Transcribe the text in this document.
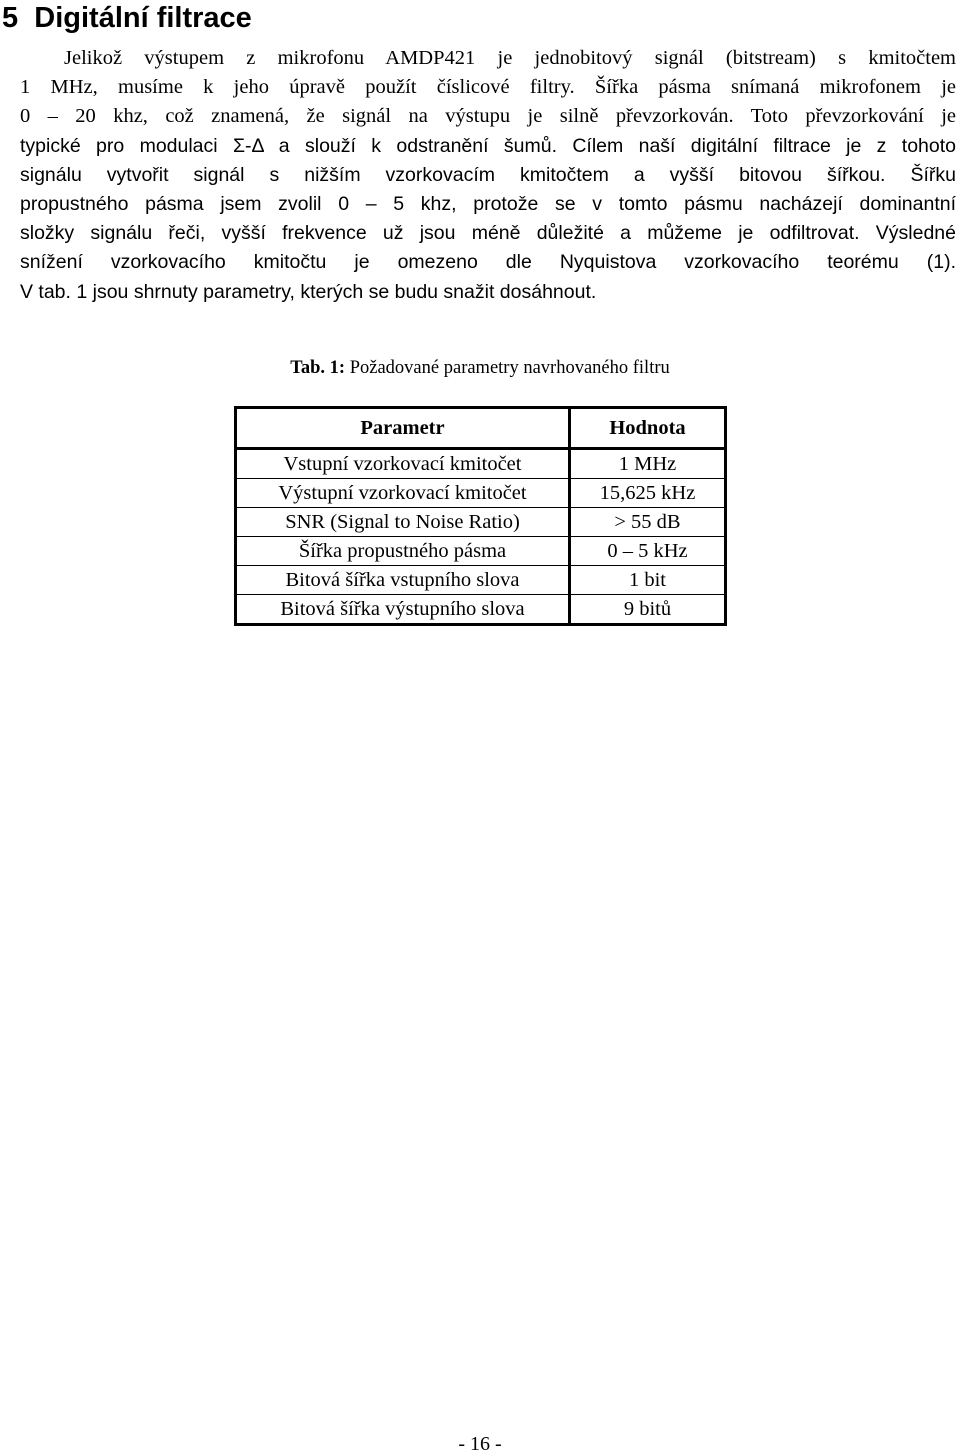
5 Digitální filtrace
Jelikož výstupem z mikrofonu AMDP421 je jednobitový signál (bitstream) s kmitočtem
1 MHz, musíme k jeho úpravě použít číslicové filtry. Šířka pásma snímaná mikrofonem je
0 – 20 khz, což znamená, že signál na výstupu je silně převzorkován. Toto převzorkování je
typické pro modulaci Σ-Δ a slouží k odstranění šumů. Cílem naší digitální filtrace je z tohoto
signálu vytvořit signál s nižším vzorkovacím kmitočtem a vyšší bitovou šířkou. Šířku
propustného pásma jsem zvolil 0 – 5 khz, protože se v tomto pásmu nacházejí dominantní
složky signálu řeči, vyšší frekvence už jsou méně důležité a můžeme je odfiltrovat. Výsledné
snížení vzorkovacího kmitočtu je omezeno dle Nyquistova vzorkovacího teorému (1).
V tab. 1 jsou shrnuty parametry, kterých se budu snažit dosáhnout.
Tab. 1: Požadované parametry navrhovaného filtru
Parametr	Hodnota
Vstupní vzorkovací kmitočet	1 MHz
Výstupní vzorkovací kmitočet	15,625 kHz
SNR (Signal to Noise Ratio)	> 55 dB
Šířka propustného pásma	0 – 5 kHz
Bitová šířka vstupního slova	1 bit
Bitová šířka výstupního slova	9 bitů
- 16 -
